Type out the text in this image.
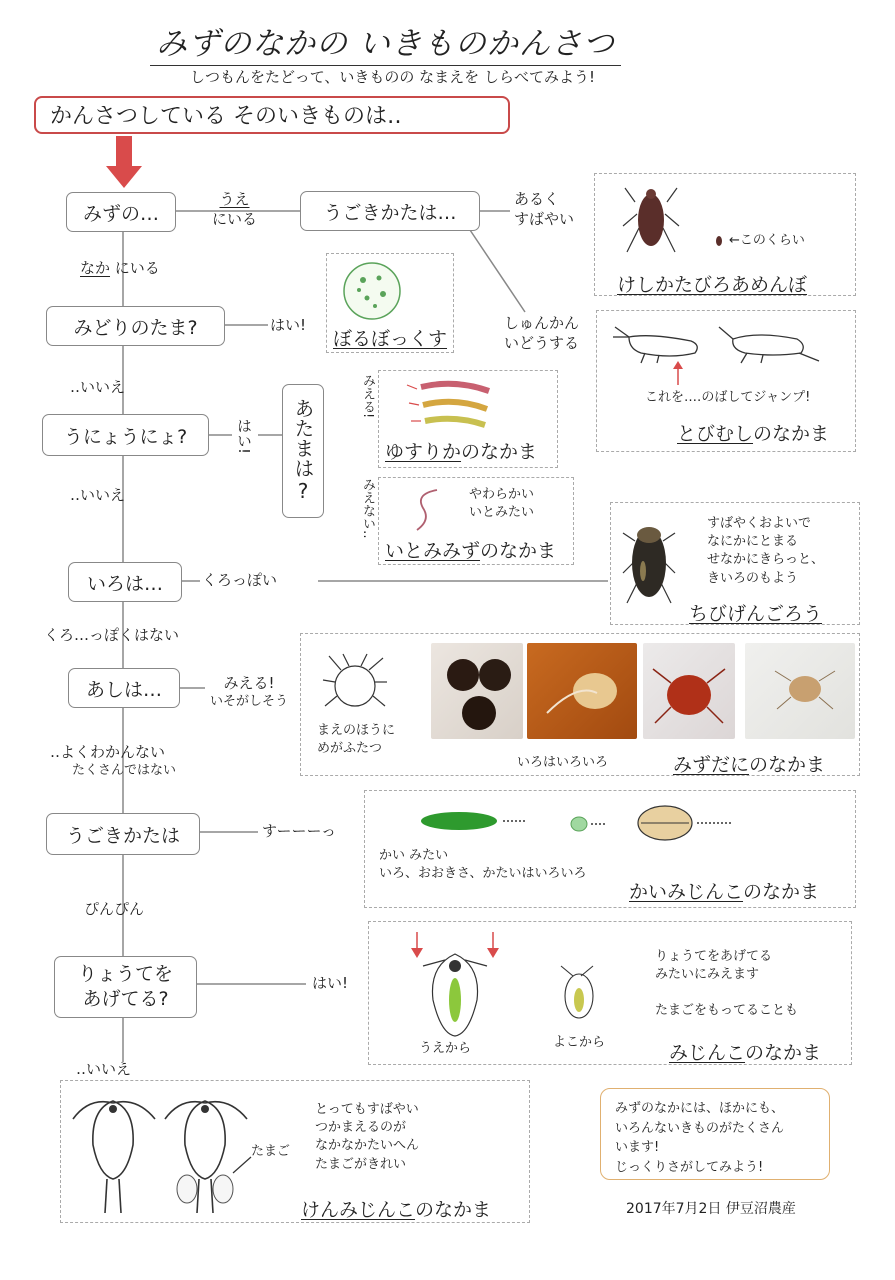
みずのなかの いきものかんさつ
しつもんをたどって、いきものの なまえを しらべてみよう!
かんさつしている そのいきものは‥
みずの…	うごきかたは…
みどりのたま?
うにょうにょ?	あた
まは
?
いろは…
あしは…
うごきかたは
りょうてを
あげてる?
うえ
にいる
なか にいる
あるく
すばやい
しゅんかん
いどうする
はい!
‥いいえ
はい!
‥いいえ
みえる!
みえない‥
くろっぽい
くろ…っぽくはない
みえる!
いそがしそう
‥よくわかんない
たくさんではない
すーーーっ
ぴんぴん
はい!
‥いいえ
←このくらい
けしかたびろあめんぼ
これを‥‥のばしてジャンプ!
とびむしのなかま
ぼるぼっくす
ゆすりかのなかま
やわらかい
いとみたい
いとみみずのなかま
すばやくおよいで
なにかにとまる
せなかにきらっと、
きいろのもよう
ちびげんごろう
まえのほうに
めがふたつ
いろはいろいろ	みずだにのなかま
かい みたい
いろ、おおきさ、かたいはいろいろ
かいみじんこのなかま
うえから	よこから
りょうてをあげてる
みたいにみえます
たまごをもってることも
みじんこのなかま
たまご
とってもすばやい
つかまえるのが
なかなかたいへん
たまごがきれい
けんみじんこのなかま
みずのなかには、ほかにも、
いろんないきものがたくさん
います!
じっくりさがしてみよう!
2017年7月2日 伊豆沼農産
